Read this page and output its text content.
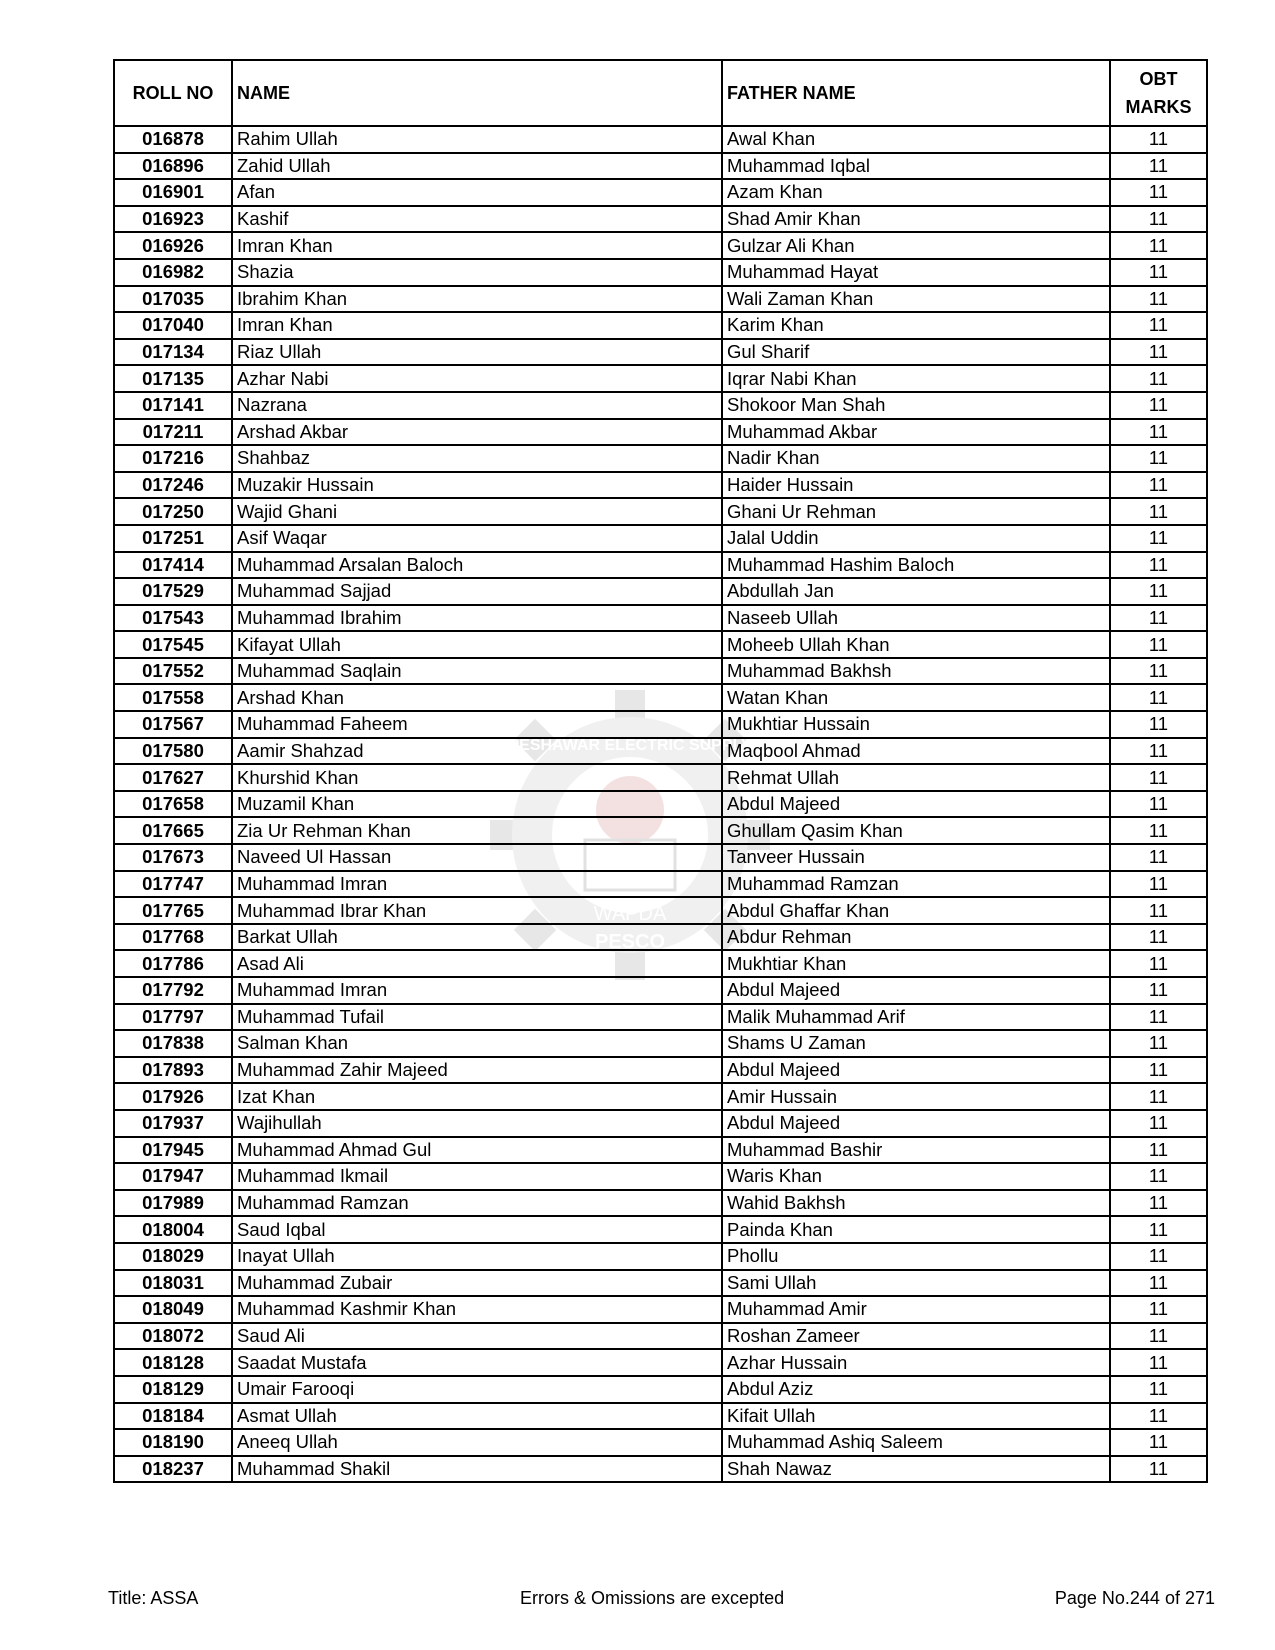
WAPDA
PESCO
PESHAWAR ELECTRIC SUPPLY
ROLL NO	NAME	FATHER NAME	OBT
MARKS
016878	Rahim Ullah	Awal Khan	11
016896	Zahid Ullah	Muhammad Iqbal	11
016901	Afan	Azam Khan	11
016923	Kashif	Shad Amir Khan	11
016926	Imran Khan	Gulzar Ali Khan	11
016982	Shazia	Muhammad Hayat	11
017035	Ibrahim Khan	Wali Zaman Khan	11
017040	Imran Khan	Karim Khan	11
017134	Riaz Ullah	Gul Sharif	11
017135	Azhar Nabi	Iqrar Nabi Khan	11
017141	Nazrana	Shokoor Man Shah	11
017211	Arshad Akbar	Muhammad Akbar	11
017216	Shahbaz	Nadir Khan	11
017246	Muzakir Hussain	Haider Hussain	11
017250	Wajid Ghani	Ghani Ur Rehman	11
017251	Asif Waqar	Jalal Uddin	11
017414	Muhammad Arsalan Baloch	Muhammad Hashim Baloch	11
017529	Muhammad Sajjad	Abdullah Jan	11
017543	Muhammad Ibrahim	Naseeb Ullah	11
017545	Kifayat Ullah	Moheeb Ullah Khan	11
017552	Muhammad Saqlain	Muhammad Bakhsh	11
017558	Arshad Khan	Watan Khan	11
017567	Muhammad Faheem	Mukhtiar Hussain	11
017580	Aamir Shahzad	Maqbool Ahmad	11
017627	Khurshid Khan	Rehmat Ullah	11
017658	Muzamil Khan	Abdul Majeed	11
017665	Zia Ur Rehman Khan	Ghullam Qasim Khan	11
017673	Naveed Ul Hassan	Tanveer Hussain	11
017747	Muhammad Imran	Muhammad Ramzan	11
017765	Muhammad Ibrar Khan	Abdul Ghaffar Khan	11
017768	Barkat Ullah	Abdur Rehman	11
017786	Asad Ali	Mukhtiar Khan	11
017792	Muhammad Imran	Abdul Majeed	11
017797	Muhammad Tufail	Malik Muhammad Arif	11
017838	Salman Khan	Shams U Zaman	11
017893	Muhammad Zahir Majeed	Abdul Majeed	11
017926	Izat Khan	Amir Hussain	11
017937	Wajihullah	Abdul Majeed	11
017945	Muhammad Ahmad Gul	Muhammad Bashir	11
017947	Muhammad Ikmail	Waris Khan	11
017989	Muhammad Ramzan	Wahid Bakhsh	11
018004	Saud Iqbal	Painda Khan	11
018029	Inayat Ullah	Phollu	11
018031	Muhammad Zubair	Sami Ullah	11
018049	Muhammad Kashmir Khan	Muhammad Amir	11
018072	Saud Ali	Roshan Zameer	11
018128	Saadat Mustafa	Azhar Hussain	11
018129	Umair Farooqi	Abdul Aziz	11
018184	Asmat Ullah	Kifait Ullah	11
018190	Aneeq Ullah	Muhammad Ashiq Saleem	11
018237	Muhammad Shakil	Shah Nawaz	11
Title: ASSA	Errors & Omissions are excepted	Page No.244 of 271
